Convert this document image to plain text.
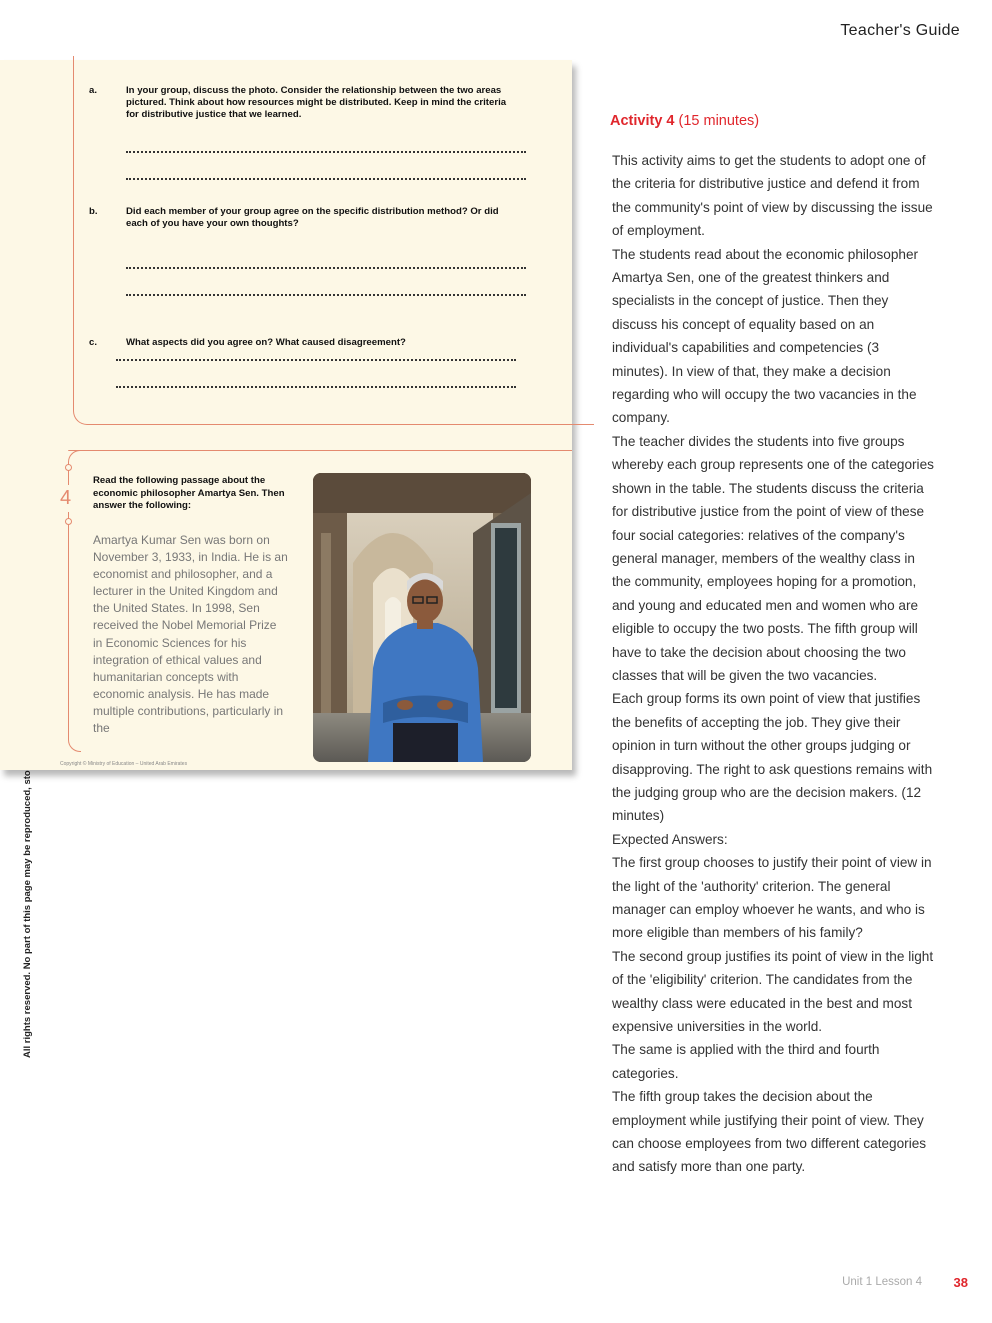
Teacher's Guide
a.	In your group, discuss the photo. Consider the relationship between the two areas pictured. Think about how resources might be distributed. Keep in mind the criteria for distributive justice that we learned.
b.	Did each member of your group agree on the specific distribution method? Or did each of you have your own thoughts?
c.	What aspects did you agree on? What caused disagreement?
4
Read the following passage about the economic philosopher Amartya Sen. Then answer the following:
Amartya Kumar Sen was born on November 3, 1933, in India. He is an economist and philosopher, and a lecturer in the United Kingdom and the United States. In 1998, Sen received the Nobel Memorial Prize in Economic Sciences for his integration of ethical values and humanitarian concepts with economic analysis. He has made multiple contributions, particularly in the
Copyright © Ministry of Education – United Arab Emirates
Activity 4 (15 minutes)

This activity aims to get the students to adopt one of the criteria for distributive justice and defend it from the community's point of view by discussing the issue of employment.

The students read about the economic philosopher Amartya Sen, one of the greatest thinkers and specialists in the concept of justice. Then they discuss his concept of equality based on an individual's capabilities and competencies (3 minutes). In view of that, they make a decision regarding who will occupy the two vacancies in the company.

The teacher divides the students into five groups whereby each group represents one of the categories shown in the table. The students discuss the criteria for distributive justice from the point of view of these four social categories: relatives of the company's general manager, members of the wealthy class in the community, employees hoping for a promotion, and young and educated men and women who are eligible to occupy the two posts. The fifth group will have to take the decision about choosing the two classes that will be given the two vacancies.

Each group forms its own point of view that justifies the benefits of accepting the job. They give their opinion in turn without the other groups judging or disapproving. The right to ask questions remains with the judging group who are the decision makers. (12 minutes)

Expected Answers:

The first group chooses to justify their point of view in the light of the 'authority' criterion. The general manager can employ whoever he wants, and who is more eligible than members of his family?

The second group justifies its point of view in the light of the 'eligibility' criterion. The candidates from the wealthy class were educated in the best and most expensive universities in the world.

The same is applied with the third and fourth categories.

The fifth group takes the decision about the employment while justifying their point of view. They can choose employees from two different categories and satisfy more than one party.

Unit 1 Lesson 4 38
